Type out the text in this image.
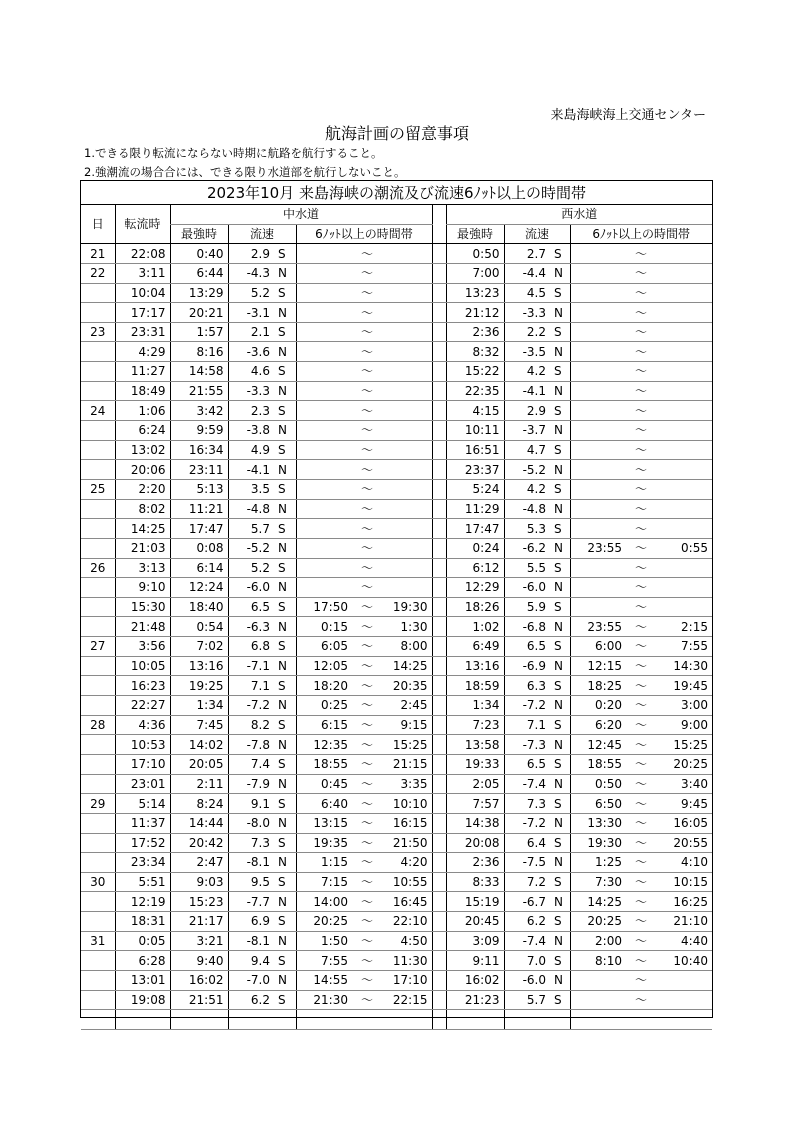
来島海峡海上交通センター
航海計画の留意事項
1.できる限り転流にならない時期に航路を航行すること。
2.強潮流の場合合には、できる限り水道部を航行しないこと。
2023年10月 来島海峡の潮流及び流速6ﾉｯﾄ以上の時間帯
日	転流時	中水道							西水道					
		最強時	流速		6ﾉｯﾄ以上の時間帯				最強時	流速		6ﾉｯﾄ以上の時間帯		
21	22:08	0:40	2.9	S		～			0:50	2.7	S		～	
22	3:11	6:44	-4.3	N		～			7:00	-4.4	N		～	
	10:04	13:29	5.2	S		～			13:23	4.5	S		～	
	17:17	20:21	-3.1	N		～			21:12	-3.3	N		～	
23	23:31	1:57	2.1	S		～			2:36	2.2	S		～	
	4:29	8:16	-3.6	N		～			8:32	-3.5	N		～	
	11:27	14:58	4.6	S		～			15:22	4.2	S		～	
	18:49	21:55	-3.3	N		～			22:35	-4.1	N		～	
24	1:06	3:42	2.3	S		～			4:15	2.9	S		～	
	6:24	9:59	-3.8	N		～			10:11	-3.7	N		～	
	13:02	16:34	4.9	S		～			16:51	4.7	S		～	
	20:06	23:11	-4.1	N		～			23:37	-5.2	N		～	
25	2:20	5:13	3.5	S		～			5:24	4.2	S		～	
	8:02	11:21	-4.8	N		～			11:29	-4.8	N		～	
	14:25	17:47	5.7	S		～			17:47	5.3	S		～	
	21:03	0:08	-5.2	N		～			0:24	-6.2	N	23:55	～	0:55
26	3:13	6:14	5.2	S		～			6:12	5.5	S		～	
	9:10	12:24	-6.0	N		～			12:29	-6.0	N		～	
	15:30	18:40	6.5	S	17:50	～	19:30		18:26	5.9	S		～	
	21:48	0:54	-6.3	N	0:15	～	1:30		1:02	-6.8	N	23:55	～	2:15
27	3:56	7:02	6.8	S	6:05	～	8:00		6:49	6.5	S	6:00	～	7:55
	10:05	13:16	-7.1	N	12:05	～	14:25		13:16	-6.9	N	12:15	～	14:30
	16:23	19:25	7.1	S	18:20	～	20:35		18:59	6.3	S	18:25	～	19:45
	22:27	1:34	-7.2	N	0:25	～	2:45		1:34	-7.2	N	0:20	～	3:00
28	4:36	7:45	8.2	S	6:15	～	9:15		7:23	7.1	S	6:20	～	9:00
	10:53	14:02	-7.8	N	12:35	～	15:25		13:58	-7.3	N	12:45	～	15:25
	17:10	20:05	7.4	S	18:55	～	21:15		19:33	6.5	S	18:55	～	20:25
	23:01	2:11	-7.9	N	0:45	～	3:35		2:05	-7.4	N	0:50	～	3:40
29	5:14	8:24	9.1	S	6:40	～	10:10		7:57	7.3	S	6:50	～	9:45
	11:37	14:44	-8.0	N	13:15	～	16:15		14:38	-7.2	N	13:30	～	16:05
	17:52	20:42	7.3	S	19:35	～	21:50		20:08	6.4	S	19:30	～	20:55
	23:34	2:47	-8.1	N	1:15	～	4:20		2:36	-7.5	N	1:25	～	4:10
30	5:51	9:03	9.5	S	7:15	～	10:55		8:33	7.2	S	7:30	～	10:15
	12:19	15:23	-7.7	N	14:00	～	16:45		15:19	-6.7	N	14:25	～	16:25
	18:31	21:17	6.9	S	20:25	～	22:10		20:45	6.2	S	20:25	～	21:10
31	0:05	3:21	-8.1	N	1:50	～	4:50		3:09	-7.4	N	2:00	～	4:40
	6:28	9:40	9.4	S	7:55	～	11:30		9:11	7.0	S	8:10	～	10:40
	13:01	16:02	-7.0	N	14:55	～	17:10		16:02	-6.0	N		～	
	19:08	21:51	6.2	S	21:30	～	22:15		21:23	5.7	S		～	
